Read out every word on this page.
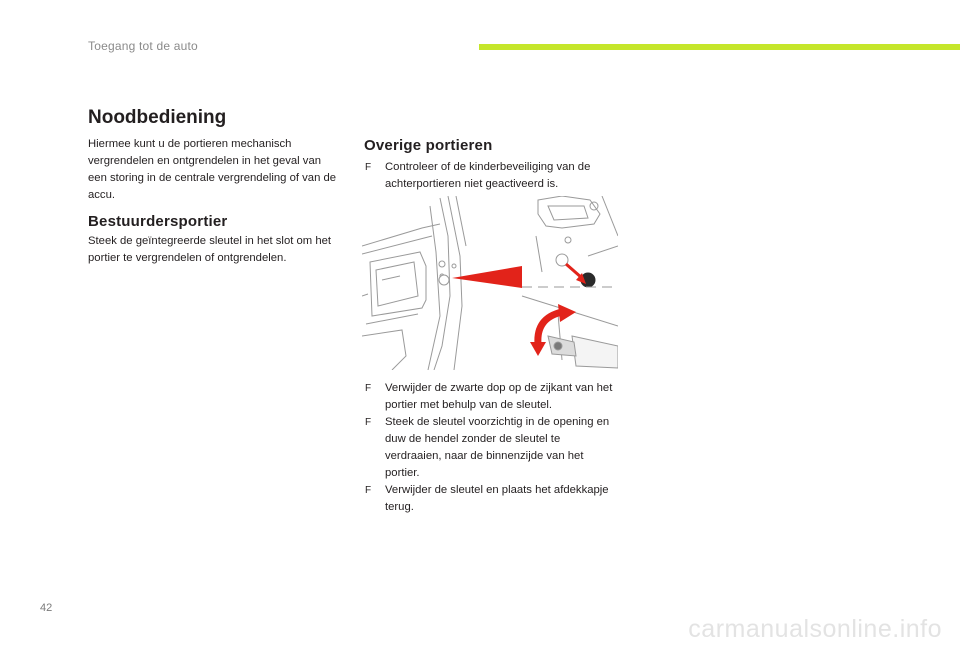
Toegang tot de auto
Noodbediening

Hiermee kunt u de portieren mechanisch vergrendelen en ontgrendelen in het geval van een storing in de centrale vergrendeling of van de accu.

Bestuurdersportier

Steek de geïntegreerde sleutel in het slot om het portier te vergrendelen of ontgrendelen.

Overige portieren
F Controleer of de kinderbeveiliging van de achterportieren niet geactiveerd is.
F Verwijder de zwarte dop op de zijkant van het portier met behulp van de sleutel.
F Steek de sleutel voorzichtig in de opening en duw de hendel zonder de sleutel te verdraaien, naar de binnenzijde van het portier.
F Verwijder de sleutel en plaats het afdekkapje terug.
42
carmanualsonline.info
